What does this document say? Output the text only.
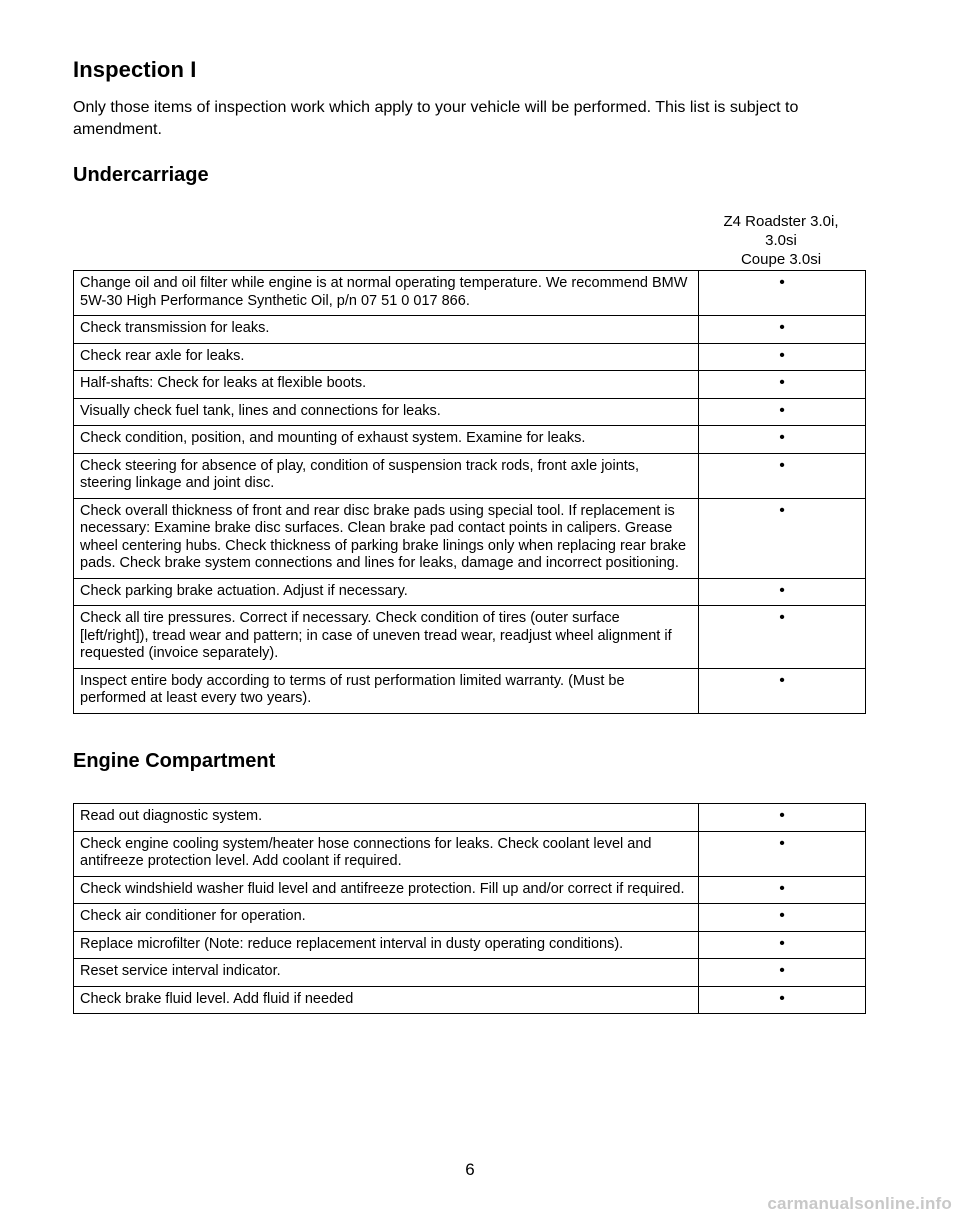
Inspection I
Only those items of inspection work which apply to your vehicle will be performed. This list is subject to amendment.
Undercarriage
Z4 Roadster 3.0i,
3.0si
Coupe 3.0si
Change oil and oil filter while engine is at normal operating temperature. We recommend BMW 5W-30 High Performance Synthetic Oil, p/n 07 51 0 017 866.	•
Check transmission for leaks.	•
Check rear axle for leaks.	•
Half-shafts: Check for leaks at flexible boots.	•
Visually check fuel tank, lines and connections for leaks.	•
Check condition, position, and mounting of exhaust system. Examine for leaks.	•
Check steering for absence of play, condition of suspension track rods, front axle joints, steering linkage and joint disc.	•
Check overall thickness of front and rear disc brake pads using special tool. If replacement is necessary: Examine brake disc surfaces. Clean brake pad contact points in calipers. Grease wheel centering hubs. Check thickness of parking brake linings only when replacing rear brake pads. Check brake system connections and lines for leaks, damage and incorrect positioning.	•
Check parking brake actuation. Adjust if necessary.	•
Check all tire pressures. Correct if necessary. Check condition of tires (outer surface [left/right]), tread wear and pattern; in case of uneven tread wear, readjust wheel alignment if requested (invoice separately).	•
Inspect entire body according to terms of rust performation limited warranty. (Must be performed at least every two years).	•
Engine Compartment
Read out diagnostic system.	•
Check engine cooling system/heater hose connections for leaks. Check coolant level and antifreeze protection level. Add coolant if required.	•
Check windshield washer fluid level and antifreeze protection. Fill up and/or correct if required.	•
Check air conditioner for operation.	•
Replace microfilter (Note: reduce replacement interval in dusty operating conditions).	•
Reset service interval indicator.	•
Check brake fluid level. Add fluid if needed	•
6
carmanualsonline.info
